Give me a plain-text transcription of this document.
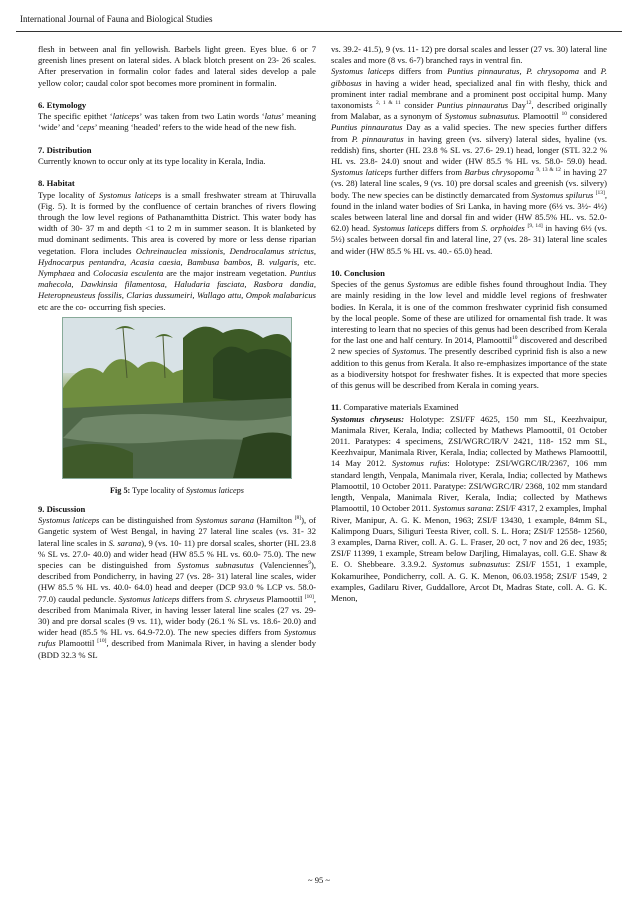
International Journal of Fauna and Biological Studies

flesh in between anal fin yellowish. Barbels light green. Eyes blue. 6 or 7 greenish lines present on lateral sides. A black blotch present on 23- 26 scales. After preservation in formalin color fades and lateral sides develop a pale yellow color; caudal color spot becomes more prominent in formalin.

6. Etymology

The specific epithet ‘laticeps’ was taken from two Latin words ‘latus’ meaning ‘wide’ and ‘ceps’ meaning ‘headed’ refers to the wide head of the new fish.

7. Distribution

Currently known to occur only at its type locality in Kerala, India.

8. Habitat

Type locality of Systomus laticeps is a small freshwater stream at Thiruvalla (Fig. 5). It is formed by the confluence of certain branches of rivers flowing through the low level regions of Pathanamthitta District. This water body has width of 30- 37 m and depth <1 to 2 m in summer season. It is blanketed by mud dominant sediments. This area is covered by more or less dense riparian vegetation. Flora includes Ochreinauclea missionis, Dendrocalamus strictus, Hydnocarpus pentandra, Acasia caesia, Bambusa bambos, B. vulgaris, etc. Nymphaea and Colocasia esculenta are the major instream vegetation. Puntius mahecola, Dawkinsia filamentosa, Haludaria fasciata, Rasbora dandia, Heteropneusteus fossilis, Clarias dussumeiri, Wallago attu, Ompok malabaricus etc are the co- occurring fish species.

Fig 5: Type locality of Systomus laticeps

9. Discussion

Systomus laticeps can be distinguished from Systomus sarana (Hamilton [8]), of Gangetic system of West Bengal, in having 27 lateral line scales (vs. 31- 32 lateral line scales in S. sarana), 9 (vs. 10- 11) pre dorsal scales, shorter (HL 23.8 % SL vs. 27.0- 40.0) and wider head (HW 85.5 % HL vs. 60.0- 75.0). The new species can be distinguished from Systomus subnasutus (Valenciennes$^9$), described from Pondicherry, in having 27 (vs. 28- 31) lateral line scales, wider (HW 85.5 % HL vs. 40.0- 64.0) head and deeper (DCP 93.0 % LCP vs. 58.0- 77.0) caudal peduncle. Systomus laticeps differs from S. chryseus Plamoottil [10], described from Manimala River, in having lesser lateral line scales (27 vs. 29- 30) and pre dorsal scales (9 vs. 11), wider body (26.1 % SL vs. 18.6- 20.0) and wider head (85.5 % HL vs. 64.9-72.0). The new species differs from Systomus rufus Plamoottil [10], described from Manimala River, in having a slender body (BDD 32.3 % SL

vs. 39.2- 41.5), 9 (vs. 11- 12) pre dorsal scales and lesser (27 vs. 30) lateral line scales and more (8 vs. 6-7) branched rays in ventral fin.
Systomus laticeps differs from Puntius pinnauratus, P. chrysopoma and P. gibbosus in having a wider head, specialized anal fin with fleshy, thick and prominent inter radial membrane and a prominent post occipital hump. Many taxonomists $^{2, 1 \& 11}$ consider Puntius pinnauratus Day$^{12}$, described originally from Malabar, as a synonym of Systomus subnasutus. Plamoottil $^{10}$ considered Puntius pinnauratus Day as a valid species. The new species further differs from P. pinnauratus in having green (vs. silvery) lateral sides, hyaline (vs. reddish) fins, shorter (HL 23.8 % SL vs. 27.6- 29.1) head, longer (STL 32.2 % HL vs. 23.8- 24.0) snout and wider (HW 85.5 % HL vs. 58.0- 59.0) head. Systomus laticeps further differs from Barbus chrysopoma $^{9, 13 \& 12}$ in having 27 (vs. 28) lateral line scales, 9 (vs. 10) pre dorsal scales and greenish (vs. silvery) body. The new species can be distinctly demarcated from Systomus spilurus [13], found in the inland water bodies of Sri Lanka, in having more (6½ vs. 3½- 4½) scales between lateral line and dorsal fin and wider (HW 85.5% HL. vs. 52.0- 62.0) head. Systomus laticeps differs from S. orphoides [9, 14] in having 6½ (vs. 5½) scales between dorsal fin and lateral line, 27 (vs. 28- 31) lateral line scales and wider (HW 85.5 % HL vs. 40.- 65.0) head.

10. Conclusion

Species of the genus Systomus are edible fishes found throughout India. They are mainly residing in the low level and middle level regions of freshwater bodies. In Kerala, it is one of the common freshwater cyprinid fish consumed by the local people. Some of these are utilized for ornamental fish trade. It was interesting to learn that no species of this genus had been described from Kerala for the last one and half century. In 2014, Plamoottil$^{10}$ discovered and described 2 new species of Systomus. The presently described cyprinid fish is also a new addition to this genus from Kerala. It also re-emphasizes importance of the state as a biodiversity hotspot for freshwater fishes. It is expected that more species of this genus will be described from Kerala in coming years.

11. Comparative materials Examined

Systomus chryseus: Holotype: ZSI/FF 4625, 150 mm SL, Keezhvaipur, Manimala River, Kerala, India; collected by Mathews Plamoottil, 01 October 2011. Paratypes: 4 specimens, ZSI/WGRC/IR/V 2421, 118- 152 mm SL, Keezhvaipur, Manimala River, Kerala, India; collected by Mathews Plamoottil, 14 May 2012. Systomus rufus: Holotype: ZSI/WGRC/IR/2367, 106 mm standard length, Venpala, Manimala river, Kerala, India; collected by Mathews Plamoottil, 10 October 2011. Paratype: ZSI/WGRC/IR/ 2368, 102 mm standard length, Venpala, Manimala River, Kerala, India; collected by Mathews Plamoottil, 10 October 2011. Systomus sarana: ZSI/F 4317, 2 examples, Imphal River, Manipur, A. G. K. Menon, 1963; ZSI/F 13430, 1 example, 84mm SL, Kalimpong Duars, Siliguri Teesta River, coll. S. L. Hora; ZSI/F 12558- 12560, 3 examples, Darna River, coll. A. G. L. Fraser, 20 oct, 7 nov and 26 dec, 1935; ZSI/F 11399, 1 example, Stream below Darjling, Himalayas, coll. G.E. Shaw & E. O. Shebbeare. 3.3.9.2. Systomus subnasutus: ZSI/F 1551, 1 example, Kokamurihee, Pondicherry, coll. A. G. K. Menon, 06.03.1958; ZSI/F 1549, 2 examples, Gadilaru River, Guddallore, Arcot Dt, Madras State, coll. A. G. K. Menon,

~ 95 ~
